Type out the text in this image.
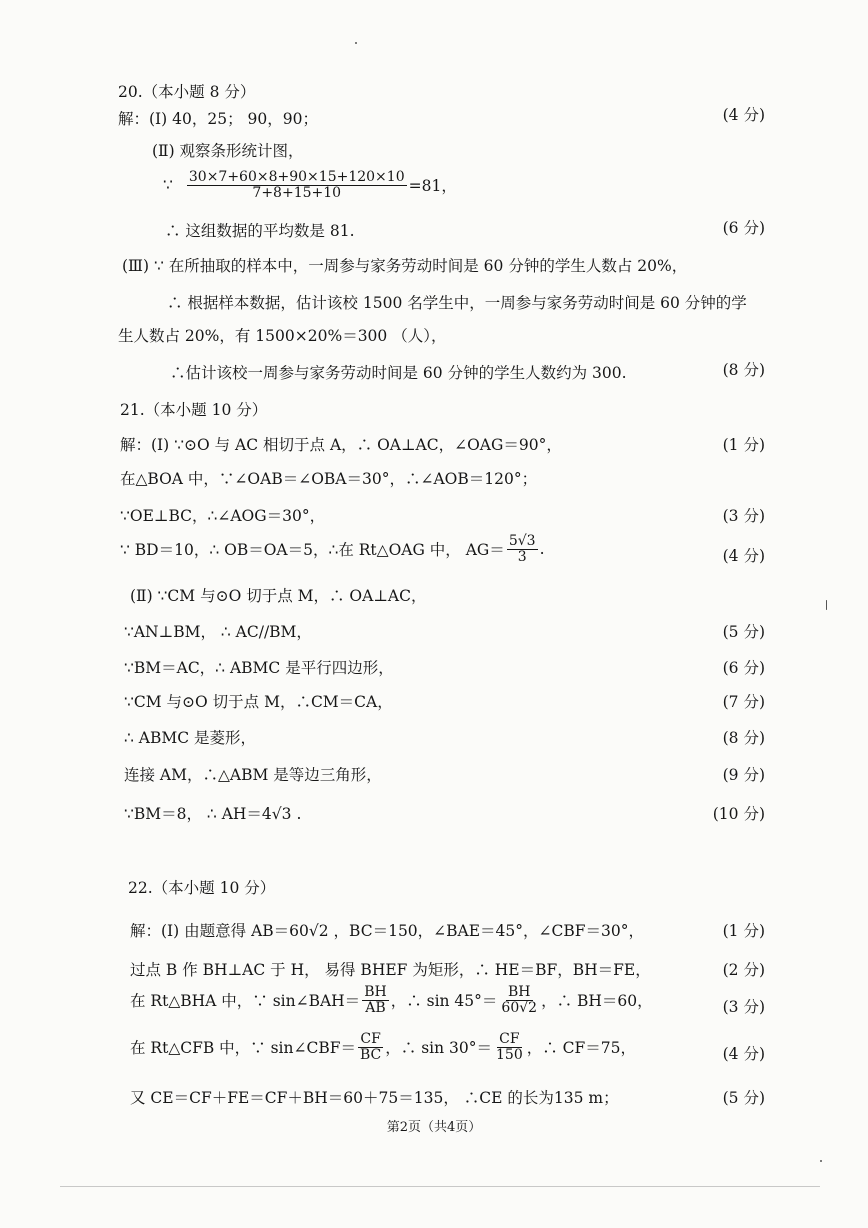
20.（本小题 8 分）
解：(Ⅰ) 40，25； 90，90；	(4 分)
(Ⅱ) 观察条形统计图，
∵ $\frac{30\times 7+60\times 8+90\times 15+120\times 10}{7+8+15+10} =81$，
∴ 这组数据的平均数是 81.	(6 分)
(Ⅲ) ∵ 在所抽取的样本中，一周参与家务劳动时间是 60 分钟的学生人数占 20%，
∴ 根据样本数据，估计该校 1500 名学生中，一周参与家务劳动时间是 60 分钟的学
生人数占 20%，有 1500×20%＝300 （人），
∴估计该校一周参与家务劳动时间是 60 分钟的学生人数约为 300.	(8 分)
21.（本小题 10 分）
解：(Ⅰ) ∵⊙O 与 AC 相切于点 A，∴ OA⊥AC，∠OAG＝90°，	(1 分)
在△BOA 中，∵∠OAB＝∠OBA＝30°，∴∠AOB＝120°；
∵OE⊥BC，∴∠AOG＝30°，	(3 分)
∵ BD＝10，∴ OB＝OA＝5，∴在 Rt△OAG 中， $AG= \frac{5√3}{3}$ .	(4 分)
(Ⅱ) ∵CM 与⊙O 切于点 M，∴ OA⊥AC，
∵AN⊥BM， ∴ AC//BM，	(5 分)
∵BM＝AC，∴ ABMC 是平行四边形，	(6 分)
∵CM 与⊙O 切于点 M，∴CM＝CA，	(7 分)
∴ ABMC 是菱形，	(8 分)
连接 AM，∴△ABM 是等边三角形，	(9 分)
∵BM＝8， ∴ AH＝4√3 .	(10 分)
22.（本小题 10 分）
解：(Ⅰ) 由题意得 AB＝60√2 ，BC＝150，∠BAE＝45°，∠CBF＝30°，	(1 分)
过点 B 作 BH⊥AC 于 H， 易得 BHEF 为矩形，∴ HE＝BF，BH＝FE，	(2 分)
在 Rt△BHA 中，∵ sin∠BAH＝ $\frac{BH}{AB}$ ，∴ $\sin 45^\circ= \frac{BH}{60√2}$ ，∴ BH＝60，	(3 分)
在 Rt△CFB 中，∵ sin∠CBF＝ $\frac{CF}{BC}$ ，∴ $\sin 30^\circ= \frac{CF}{150}$ ，∴ CF＝75，	(4 分)
又 CE＝CF＋FE＝CF＋BH＝60＋75＝135， ∴CE 的长为135 m；	(5 分)
第2页（共4页）
